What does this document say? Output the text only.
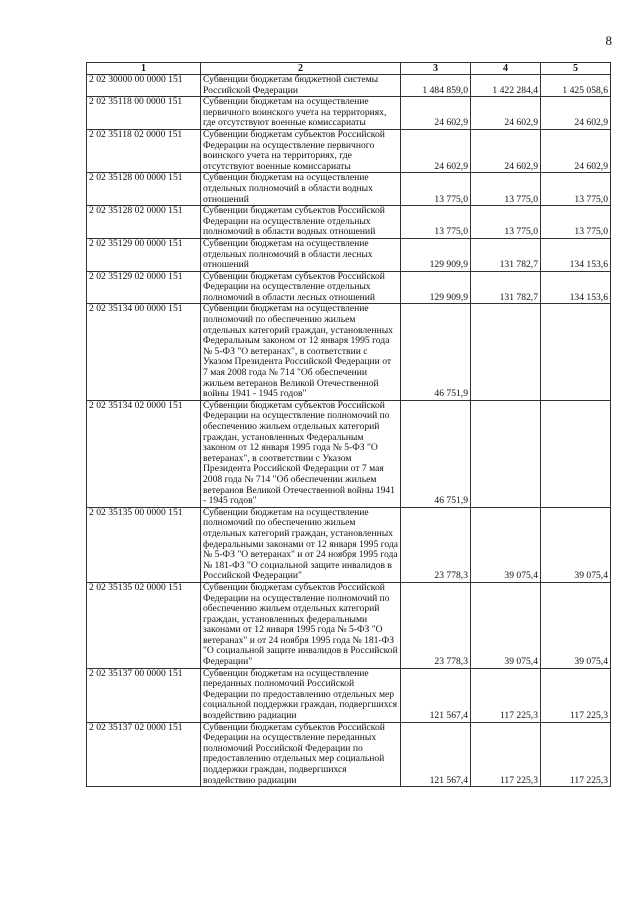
8
1	2	3	4	5
2 02 30000 00 0000 151	Субвенции бюджетам бюджетной системы Российской Федерации	1 484 859,0	1 422 284,4	1 425 058,6
2 02 35118 00 0000 151	Субвенции бюджетам на осуществление первичного воинского учета на территориях, где отсутствуют военные комиссариаты	24 602,9	24 602,9	24 602,9
2 02 35118 02 0000 151	Субвенции бюджетам субъектов Российской Федерации на осуществление первичного воинского учета на территориях, где отсутствуют военные комиссариаты	24 602,9	24 602,9	24 602,9
2 02 35128 00 0000 151	Субвенции бюджетам на осуществление отдельных полномочий в области водных отношений	13 775,0	13 775,0	13 775,0
2 02 35128 02 0000 151	Субвенции бюджетам субъектов Российской Федерации на осуществление отдельных полномочий в области водных отношений	13 775,0	13 775,0	13 775,0
2 02 35129 00 0000 151	Субвенции бюджетам на осуществление отдельных полномочий в области лесных отношений	129 909,9	131 782,7	134 153,6
2 02 35129 02 0000 151	Субвенции бюджетам субъектов Российской Федерации на осуществление отдельных полномочий в области лесных отношений	129 909,9	131 782,7	134 153,6
2 02 35134 00 0000 151	Субвенции бюджетам на осуществление полномочий по обеспечению жильем отдельных категорий граждан, установленных Федеральным законом от 12 января 1995 года № 5-ФЗ "О ветеранах", в соответствии с Указом Президента Российской Федерации от 7 мая 2008 года № 714 "Об обеспечении жильем ветеранов Великой Отечественной войны 1941 - 1945 годов"	46 751,9		
2 02 35134 02 0000 151	Субвенции бюджетам субъектов Российской Федерации на осуществление полномочий по обеспечению жильем отдельных категорий граждан, установленных Федеральным законом от 12 января 1995 года № 5-ФЗ "О ветеранах", в соответствии с Указом Президента Российской Федерации от 7 мая 2008 года № 714 "Об обеспечении жильем ветеранов Великой Отечественной войны 1941 - 1945 годов"	46 751,9		
2 02 35135 00 0000 151	Субвенции бюджетам на осуществление полномочий по обеспечению жильем отдельных категорий граждан, установленных федеральными законами от 12 января 1995 года № 5-ФЗ "О ветеранах" и от 24 ноября 1995 года № 181-ФЗ "О социальной защите инвалидов в Российской Федерации"	23 778,3	39 075,4	39 075,4
2 02 35135 02 0000 151	Субвенции бюджетам субъектов Российской Федерации на осуществление полномочий по обеспечению жильем отдельных категорий граждан, установленных федеральными законами от 12 января 1995 года № 5-ФЗ "О ветеранах" и от 24 ноября 1995 года № 181-ФЗ "О социальной защите инвалидов в Российской Федерации"	23 778,3	39 075,4	39 075,4
2 02 35137 00 0000 151	Субвенции бюджетам на осуществление переданных полномочий Российской Федерации по предоставлению отдельных мер социальной поддержки граждан, подвергшихся воздействию радиации	121 567,4	117 225,3	117 225,3
2 02 35137 02 0000 151	Субвенции бюджетам субъектов Российской Федерации на осуществление переданных полномочий Российской Федерации по предоставлению отдельных мер социальной поддержки граждан, подвергшихся воздействию радиации	121 567,4	117 225,3	117 225,3
